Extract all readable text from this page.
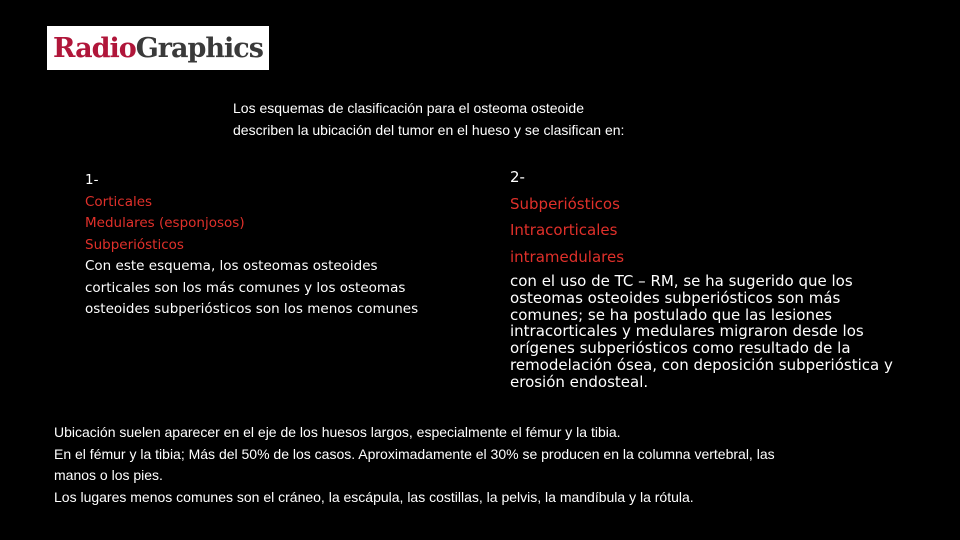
RadioGraphics
Los esquemas de clasificación para el osteoma osteoide
describen la ubicación del tumor en el hueso y se clasifican en:
1-
Corticales
Medulares (esponjosos)
Subperiósticos
Con este esquema, los osteomas osteoides
corticales son los más comunes y los osteomas
osteoides subperiósticos son los menos comunes
2-
Subperiósticos
Intracorticales
intramedulares
con el uso de TC – RM, se ha sugerido que los
osteomas osteoides subperiósticos son más
comunes; se ha postulado que las lesiones
intracorticales y medulares migraron desde los
orígenes subperiósticos como resultado de la
remodelación ósea, con deposición subperióstica y
erosión endosteal.
Ubicación suelen aparecer en el eje de los huesos largos, especialmente el fémur y la tibia.
En el fémur y la tibia; Más del 50% de los casos. Aproximadamente el 30% se producen en la columna vertebral, las
manos o los pies.
Los lugares menos comunes son el cráneo, la escápula, las costillas, la pelvis, la mandíbula y la rótula.
